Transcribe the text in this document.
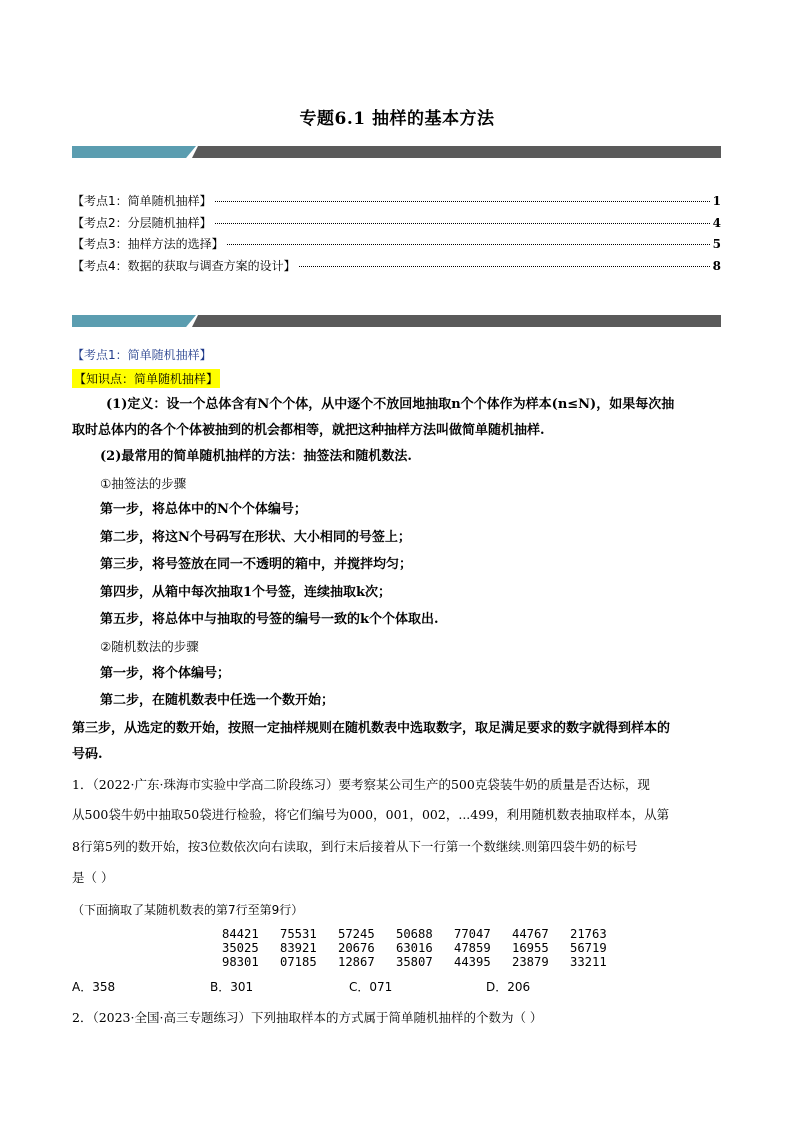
专题6.1 抽样的基本方法
【考点1：简单随机抽样】	1
【考点2：分层随机抽样】	4
【考点3：抽样方法的选择】	5
【考点4：数据的获取与调查方案的设计】	8
【考点1：简单随机抽样】
【知识点：简单随机抽样】
(1)定义：设一个总体含有N个个体，从中逐个不放回地抽取n个个体作为样本(n≤N)，如果每次抽
取时总体内的各个个体被抽到的机会都相等，就把这种抽样方法叫做简单随机抽样.
(2)最常用的简单随机抽样的方法：抽签法和随机数法.
①抽签法的步骤
第一步，将总体中的N个个体编号；
第二步，将这N个号码写在形状、大小相同的号签上；
第三步，将号签放在同一不透明的箱中，并搅拌均匀；
第四步，从箱中每次抽取1个号签，连续抽取k次；
第五步，将总体中与抽取的号签的编号一致的k个个体取出.
②随机数法的步骤
第一步，将个体编号；
第二步，在随机数表中任选一个数开始；
第三步，从选定的数开始，按照一定抽样规则在随机数表中选取数字，取足满足要求的数字就得到样本的
号码.
1．（2022·广东·珠海市实验中学高二阶段练习）要考察某公司生产的500克袋装牛奶的质量是否达标，现
从500袋牛奶中抽取50袋进行检验，将它们编号为000，001，002，...499，利用随机数表抽取样本，从第
8行第5列的数开始，按3位数依次向右读取，到行末后接着从下一行第一个数继续.则第四袋牛奶的标号
是（ ）
（下面摘取了某随机数表的第7行至第9行）
84421 75531 57245 50688 77047 44767 21763
35025 83921 20676 63016 47859 16955 56719
98301 07185 12867 35807 44395 23879 33211
A．358	B．301	C．071	D．206
2．（2023·全国·高三专题练习）下列抽取样本的方式属于简单随机抽样的个数为（ ）
